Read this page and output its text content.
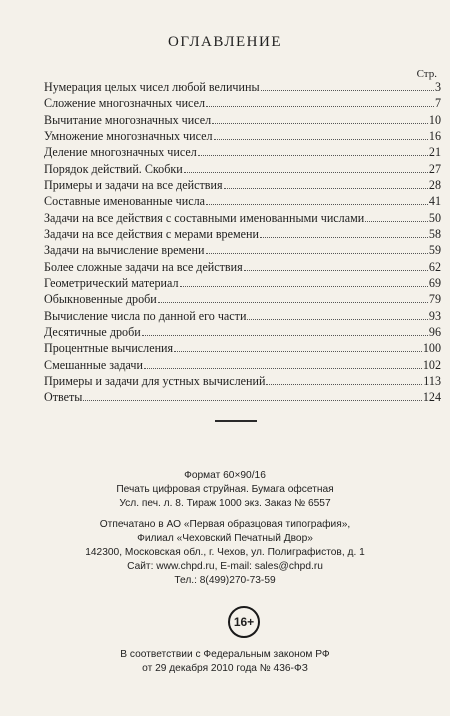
ОГЛАВЛЕНИЕ
Стр.
Нумерация целых чисел любой величины	3
Сложение многозначных чисел	7
Вычитание многозначных чисел	10
Умножение многозначных чисел	16
Деление многозначных чисел	21
Порядок действий. Скобки	27
Примеры и задачи на все действия	28
Составные именованные числа	41
Задачи на все действия с составными именованными числами	50
Задачи на все действия с мерами времени	58
Задачи на вычисление времени	59
Более сложные задачи на все действия	62
Геометрический материал	69
Обыкновенные дроби	79
Вычисление числа по данной его части	93
Десятичные дроби	96
Процентные вычисления	100
Смешанные задачи	102
Примеры и задачи для устных вычислений	113
Ответы	124
Формат 60×90/16
Печать цифровая струйная. Бумага офсетная
Усл. печ. л. 8. Тираж 1000 экз. Заказ № 6557
Отпечатано в АО «Первая образцовая типография»,
Филиал «Чеховский Печатный Двор»
142300, Московская обл., г. Чехов, ул. Полиграфистов, д. 1
Сайт: www.chpd.ru, E-mail: sales@chpd.ru
Тел.: 8(499)270-73-59
16+
В соответствии с Федеральным законом РФ
от 29 декабря 2010 года № 436-ФЗ
